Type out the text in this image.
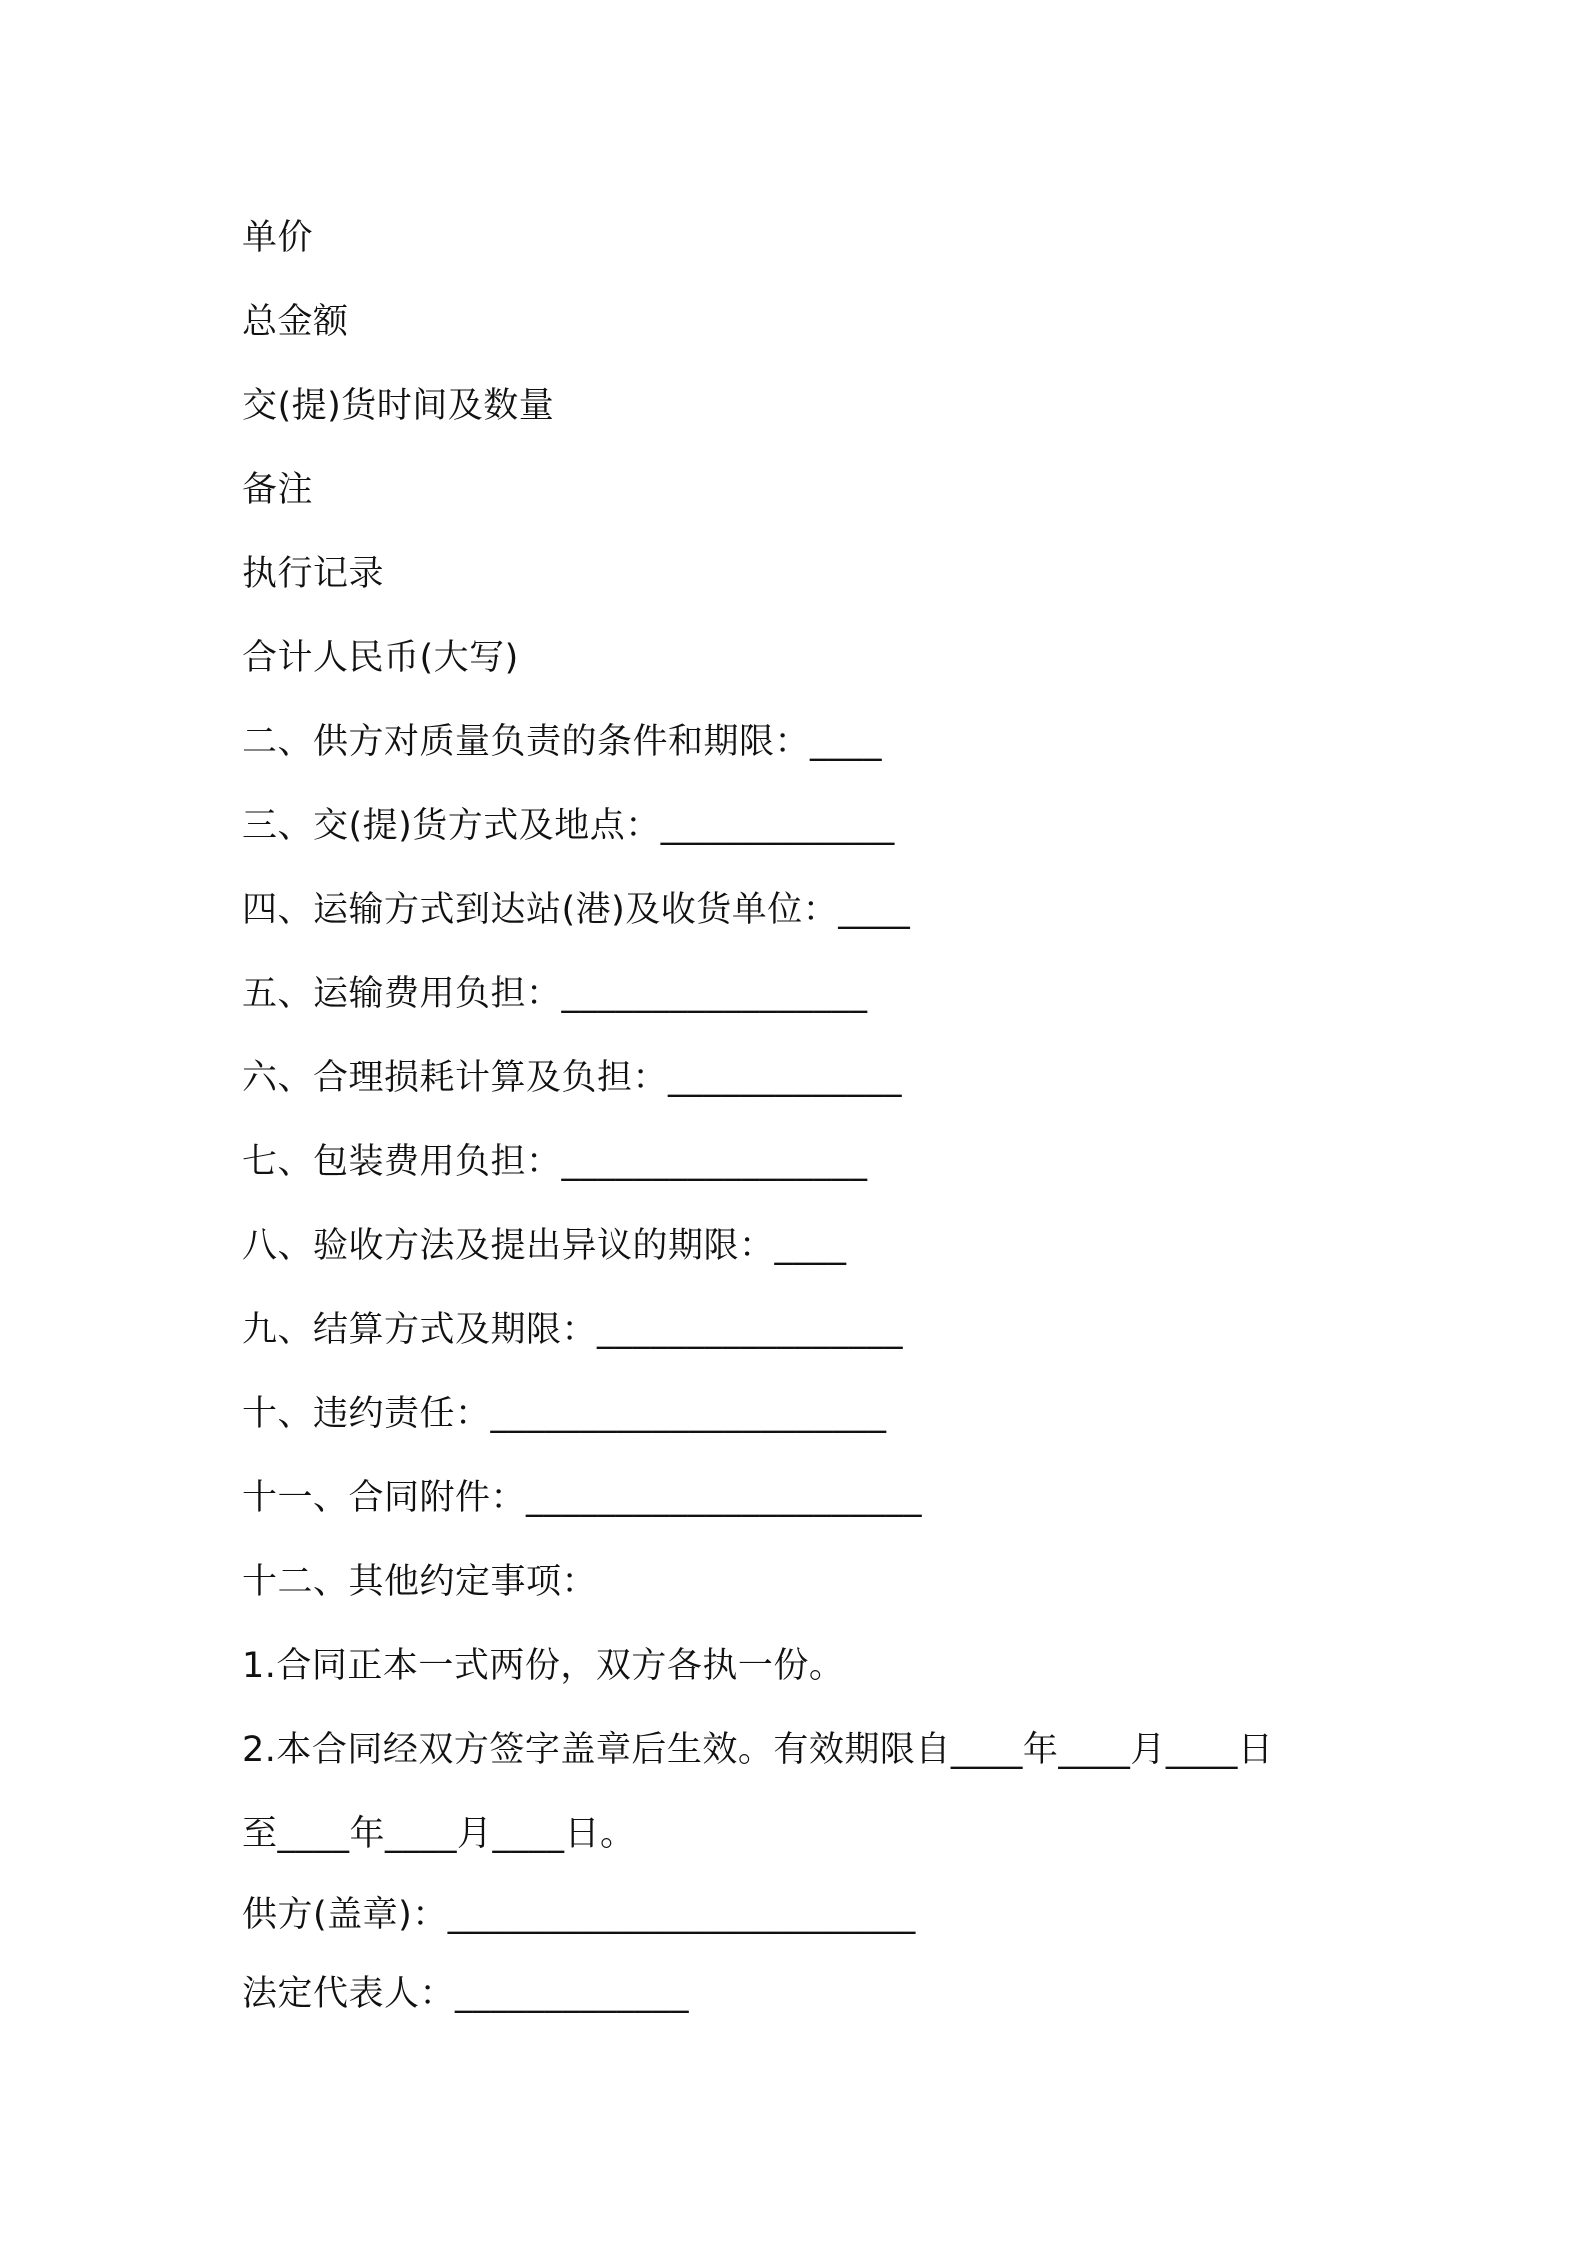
单价
总金额
交(提)货时间及数量
备注
执行记录
合计人民币(大写)
二、供方对质量负责的条件和期限：____
三、交(提)货方式及地点：_____________
四、运输方式到达站(港)及收货单位：____
五、运输费用负担：_________________
六、合理损耗计算及负担：_____________
七、包装费用负担：_________________
八、验收方法及提出异议的期限：____
九、结算方式及期限：_________________
十、违约责任：______________________
十一、合同附件：______________________
十二、其他约定事项：
1.合同正本一式两份，双方各执一份。
2.本合同经双方签字盖章后生效。有效期限自____年____月____日
至____年____月____日。
供方(盖章)：__________________________
法定代表人：_____________
